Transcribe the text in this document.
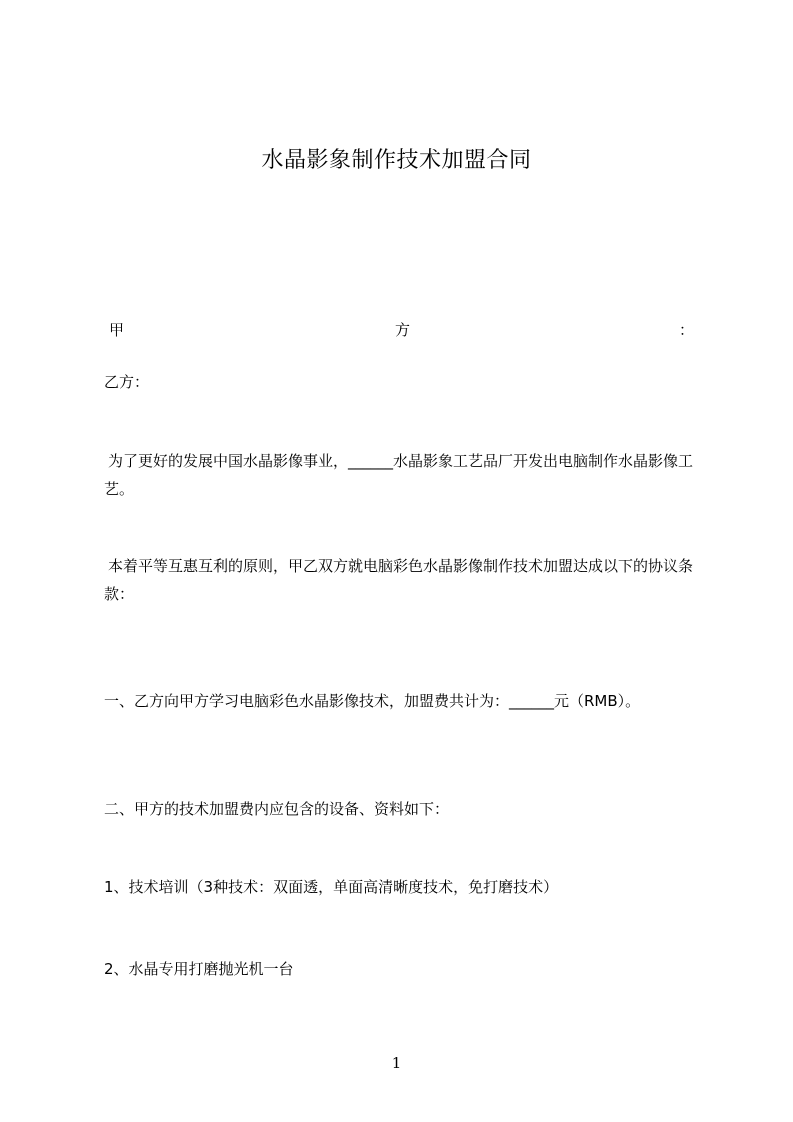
水晶影象制作技术加盟合同
甲	方	：
乙方：
为了更好的发展中国水晶影像事业，______水晶影象工艺品厂开发出电脑制作水晶影像工艺。
本着平等互惠互利的原则，甲乙双方就电脑彩色水晶影像制作技术加盟达成以下的协议条款：
一、乙方向甲方学习电脑彩色水晶影像技术，加盟费共计为：______元（RMB）。
二、甲方的技术加盟费内应包含的设备、资料如下：
1、技术培训（3种技术：双面透，单面高清晰度技术，免打磨技术）
2、水晶专用打磨抛光机一台
1
